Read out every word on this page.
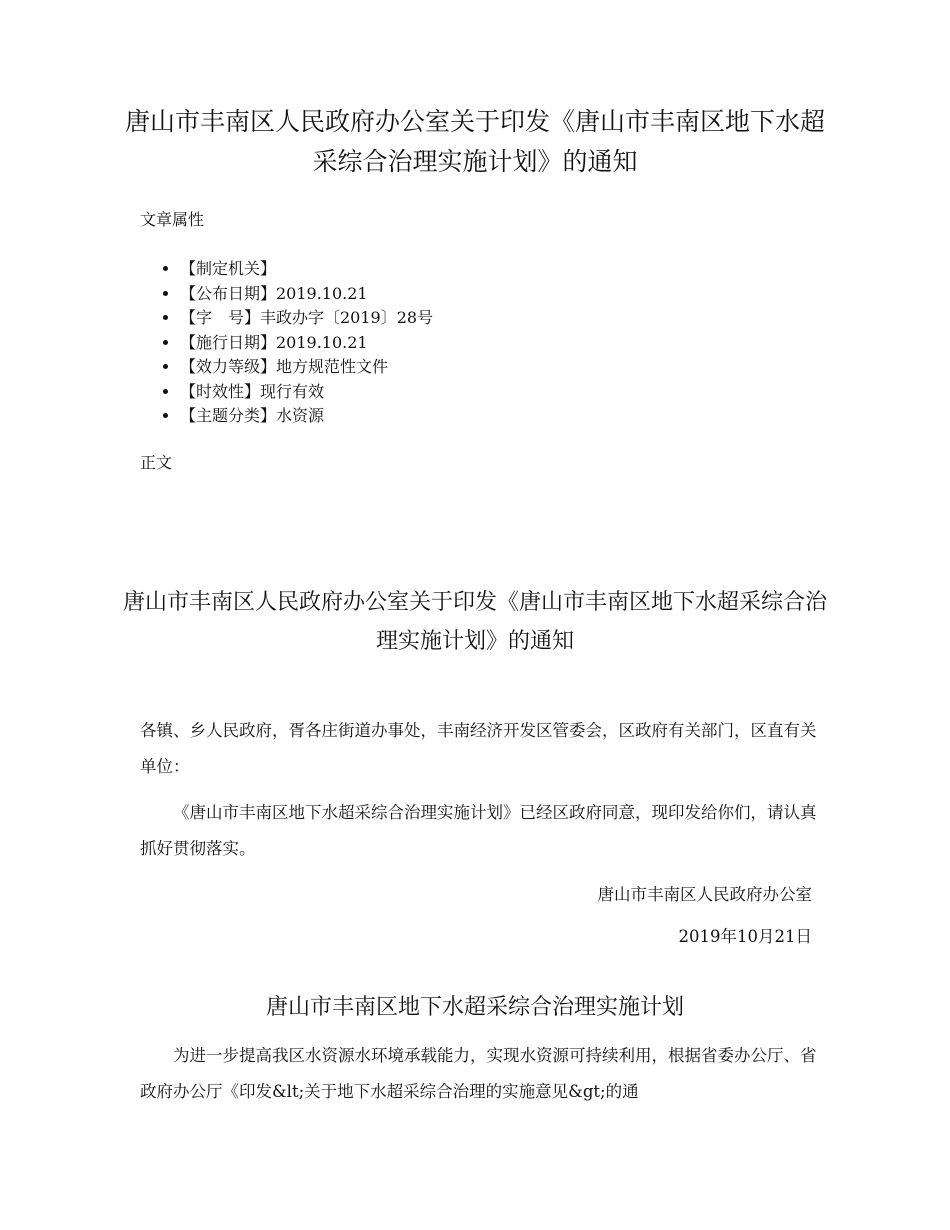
唐山市丰南区人民政府办公室关于印发《唐山市丰南区地下水超采综合治理实施计划》的通知

文章属性

• 【制定机关】
• 【公布日期】2019.10.21
• 【字　号】丰政办字〔2019〕28号
• 【施行日期】2019.10.21
• 【效力等级】地方规范性文件
• 【时效性】现行有效
• 【主题分类】水资源

正文

唐山市丰南区人民政府办公室关于印发《唐山市丰南区地下水超采综合治理实施计划》的通知

各镇、乡人民政府，胥各庄街道办事处，丰南经济开发区管委会，区政府有关部门，区直有关单位：

《唐山市丰南区地下水超采综合治理实施计划》已经区政府同意，现印发给你们，请认真抓好贯彻落实。

唐山市丰南区人民政府办公室

2019年10月21日

唐山市丰南区地下水超采综合治理实施计划

为进一步提高我区水资源水环境承载能力，实现水资源可持续利用，根据省委办公厅、省政府办公厅《印发&lt;关于地下水超采综合治理的实施意见&gt;的通
